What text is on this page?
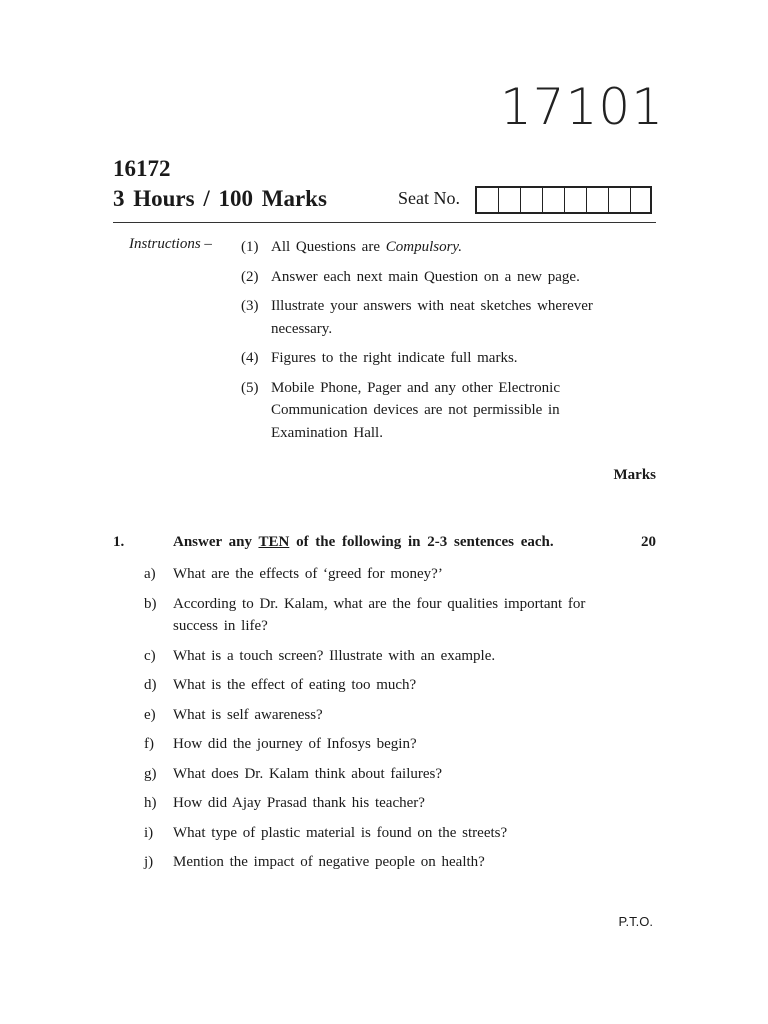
17101
16172
3 Hours / 100 Marks	Seat No.
Instructions – (1) All Questions are Compulsory.
(2) Answer each next main Question on a new page.
(3) Illustrate your answers with neat sketches wherever necessary.
(4) Figures to the right indicate full marks.
(5) Mobile Phone, Pager and any other Electronic Communication devices are not permissible in Examination Hall.
Marks
1.	Answer any TEN of the following in 2-3 sentences each.	20
a)	What are the effects of ‘greed for money?’
b)	According to Dr. Kalam, what are the four qualities important for success in life?
c)	What is a touch screen? Illustrate with an example.
d)	What is the effect of eating too much?
e)	What is self awareness?
f)	How did the journey of Infosys begin?
g)	What does Dr. Kalam think about failures?
h)	How did Ajay Prasad thank his teacher?
i)	What type of plastic material is found on the streets?
j)	Mention the impact of negative people on health?
P.T.O.
